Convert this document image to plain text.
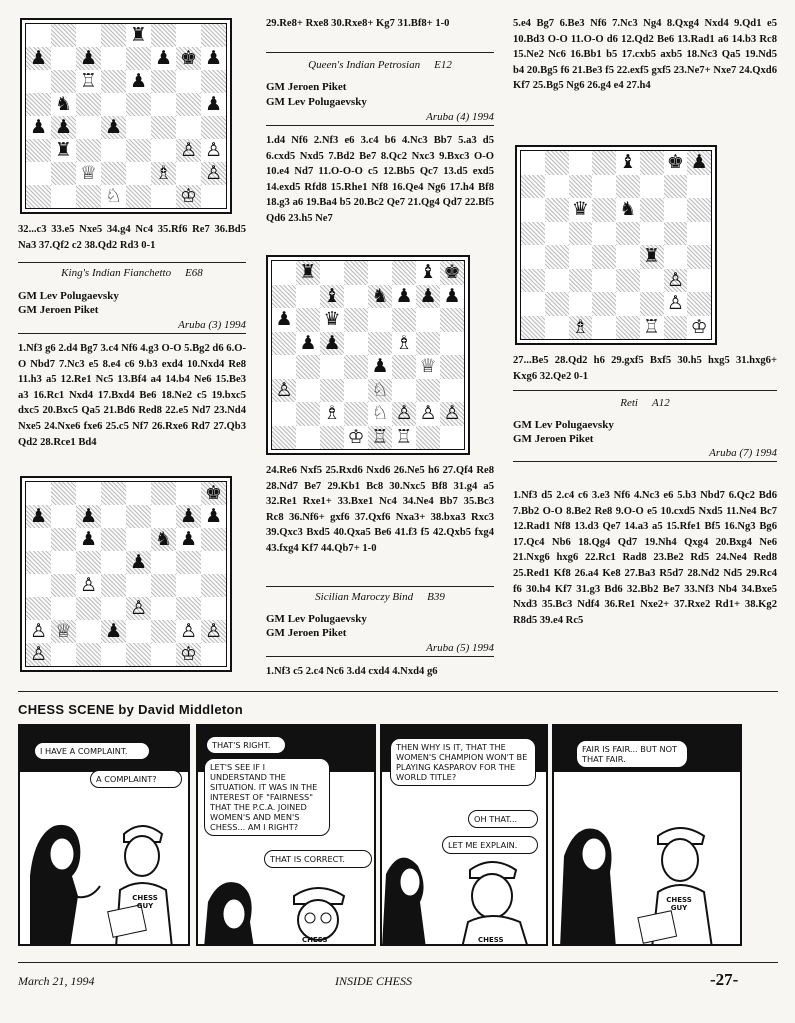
♜
♟ ♟	♟ ♚ ♟
♖ ♟
♞	♟
♟ ♟ ♟
♜	♙ ♙
♕	♗ ♙
♘	♔
32...c3 33.e5 Nxe5 34.g4 Nc4 35.Rf6 Re7 36.Bd5 Na3 37.Qf2 c2 38.Qd2 Rd3 0-1
King's Indian Fianchetto E68
GM Lev Polugaevsky
GM Jeroen Piket
Aruba (3) 1994
1.Nf3 g6 2.d4 Bg7 3.c4 Nf6 4.g3 O-O 5.Bg2 d6 6.O-O Nbd7 7.Nc3 e5 8.e4 c6 9.b3 exd4 10.Nxd4 Re8 11.h3 a5 12.Re1 Nc5 13.Bf4 a4 14.b4 Ne6 15.Be3 a3 16.Rc1 Nxd4 17.Bxd4 Be6 18.Ne2 c5 19.bxc5 dxc5 20.Bxc5 Qa5 21.Bd6 Red8 22.e5 Nd7 23.Nd4 Nxe5 24.Nxe6 fxe6 25.c5 Nf7 26.Rxe6 Rd7 27.Qb3 Qd2 28.Rce1 Bd4
♚
♟ ♟	♟ ♟
♟	♞ ♟
♟
♙
♙
♙ ♕ ♟	♙ ♙
♙	♔
29.Re8+ Rxe8 30.Rxe8+ Kg7 31.Bf8+ 1-0
Queen's Indian Petrosian E12
GM Jeroen Piket
GM Lev Polugaevsky
Aruba (4) 1994
1.d4 Nf6 2.Nf3 e6 3.c4 b6 4.Nc3 Bb7 5.a3 d5 6.cxd5 Nxd5 7.Bd2 Be7 8.Qc2 Nxc3 9.Bxc3 O-O 10.e4 Nd7 11.O-O-O c5 12.Bb5 Qc7 13.d5 exd5 14.exd5 Rfd8 15.Rhe1 Nf8 16.Qe4 Ng6 17.h4 Bf8 18.g3 a6 19.Ba4 b5 20.Bc2 Qe7 21.Qg4 Qd7 22.Bf5 Qd6 23.h5 Ne7
♜	♝ ♚
♝ ♞ ♟ ♟ ♟
♟ ♛
♟ ♟	♗
♟ ♕
♙	♘
♗ ♘ ♙ ♙ ♙
♔ ♖ ♖
24.Re6 Nxf5 25.Rxd6 Nxd6 26.Ne5 h6 27.Qf4 Re8 28.Nd7 Be7 29.Kb1 Bc8 30.Nxc5 Bf8 31.g4 a5 32.Re1 Rxe1+ 33.Bxe1 Nc4 34.Ne4 Bb7 35.Bc3 Rc8 36.Nf6+ gxf6 37.Qxf6 Nxa3+ 38.bxa3 Rxc3 39.Qxc3 Bxd5 40.Qxa5 Be6 41.f3 f5 42.Qxb5 fxg4 43.fxg4 Kf7 44.Qb7+ 1-0
Sicilian Maroczy Bind B39
GM Lev Polugaevsky
GM Jeroen Piket
Aruba (5) 1994
1.Nf3 c5 2.c4 Nc6 3.d4 cxd4 4.Nxd4 g6
5.e4 Bg7 6.Be3 Nf6 7.Nc3 Ng4 8.Qxg4 Nxd4 9.Qd1 e5 10.Bd3 O-O 11.O-O d6 12.Qd2 Be6 13.Rad1 a6 14.b3 Rc8 15.Ne2 Nc6 16.Bb1 b5 17.cxb5 axb5 18.Nc3 Qa5 19.Nd5 b4 20.Bg5 f6 21.Be3 f5 22.exf5 gxf5 23.Ne7+ Nxe7 24.Qxd6 Kf7 25.Bg5 Ng6 26.g4 e4 27.h4
♝ ♚ ♟
♛ ♞
♜
♙
♙
♗	♖ ♔
27...Be5 28.Qd2 h6 29.gxf5 Bxf5 30.h5 hxg5 31.hxg6+ Kxg6 32.Qe2 0-1
Reti A12
GM Lev Polugaevsky
GM Jeroen Piket
Aruba (7) 1994
1.Nf3 d5 2.c4 c6 3.e3 Nf6 4.Nc3 e6 5.b3 Nbd7 6.Qc2 Bd6 7.Bb2 O-O 8.Be2 Re8 9.O-O e5 10.cxd5 Nxd5 11.Ne4 Bc7 12.Rad1 Nf8 13.d3 Qe7 14.a3 a5 15.Rfe1 Bf5 16.Ng3 Bg6 17.Qc4 Nb6 18.Qg4 Qd7 19.Nh4 Qxg4 20.Bxg4 Ne6 21.Nxg6 hxg6 22.Rc1 Rad8 23.Be2 Rd5 24.Ne4 Red8 25.Red1 Kf8 26.a4 Ke8 27.Ba3 R5d7 28.Nd2 Nd5 29.Rc4 f6 30.h4 Kf7 31.g3 Bd6 32.Bb2 Be7 33.Nf3 Nb4 34.Bxe5 Nxd3 35.Bc3 Ndf4 36.Re1 Nxe2+ 37.Rxe2 Rd1+ 38.Kg2 R8d5 39.e4 Rc5
CHESS SCENE by David Middleton
I HAVE A COMPLAINT.
A COMPLAINT?
CHESS GUY
THAT'S RIGHT.
LET'S SEE IF I UNDERSTAND THE SITUATION. IT WAS IN THE INTEREST OF "FAIRNESS" THAT THE P.C.A. JOINED WOMEN'S AND MEN'S CHESS... AM I RIGHT?
THAT IS CORRECT.
CHESS
THEN WHY IS IT, THAT THE WOMEN'S CHAMPION WON'T BE PLAYING KASPAROV FOR THE WORLD TITLE?
OH THAT...
LET ME EXPLAIN.
CHESS
FAIR IS FAIR... BUT NOT THAT FAIR.
CHESS GUY
March 21, 1994	INSIDE CHESS	-27-
